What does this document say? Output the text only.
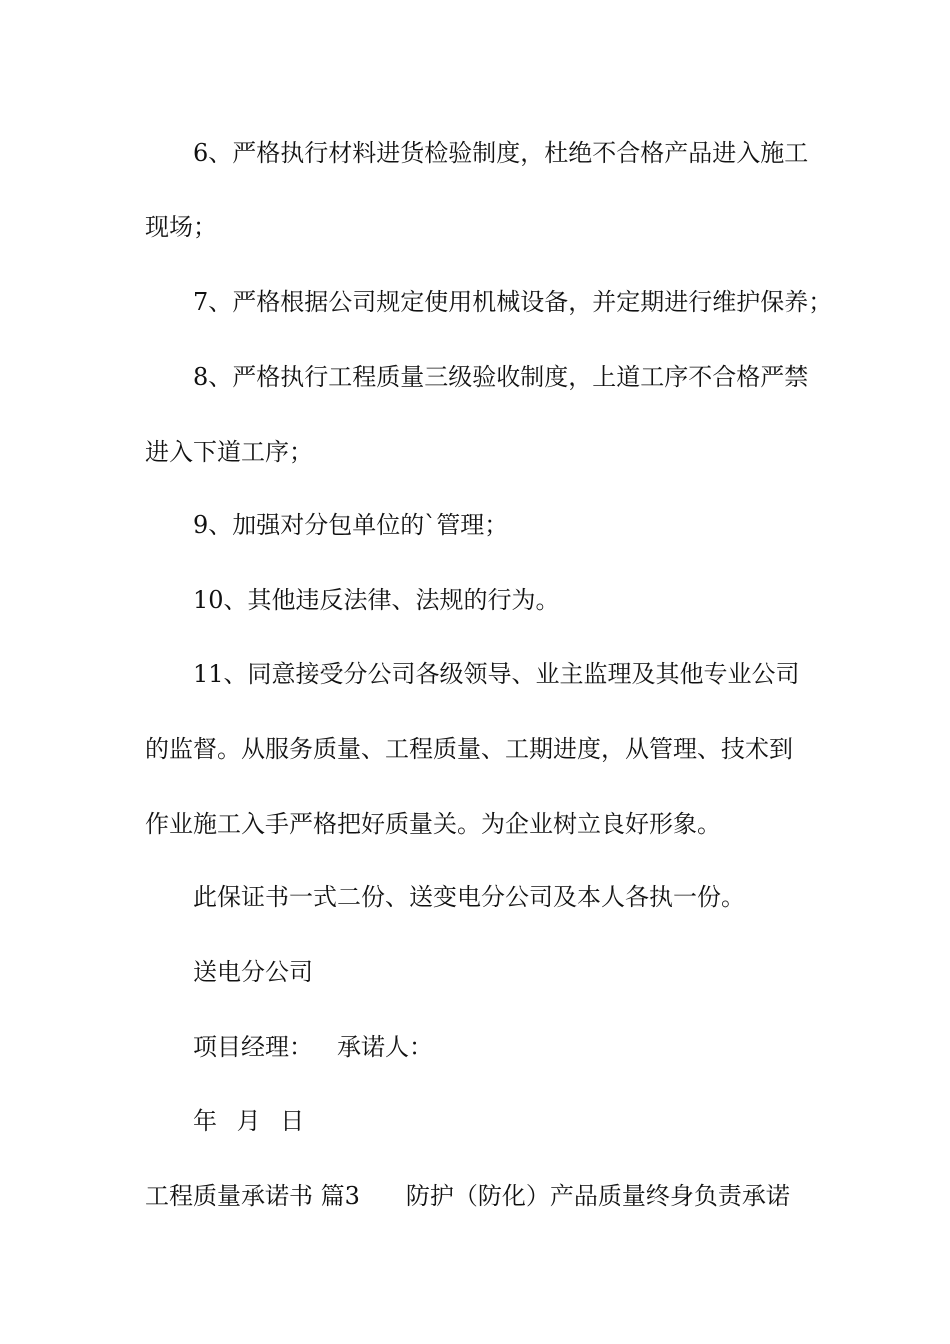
6、严格执行材料进货检验制度，杜绝不合格产品进入施工

现场；

7、严格根据公司规定使用机械设备，并定期进行维护保养；

8、严格执行工程质量三级验收制度，上道工序不合格严禁

进入下道工序；

9、加强对分包单位的`管理；

10、其他违反法律、法规的行为。

11、同意接受分公司各级领导、业主监理及其他专业公司

的监督。从服务质量、工程质量、工期进度，从管理、技术到

作业施工入手严格把好质量关。为企业树立良好形象。

此保证书一式二份、送变电分公司及本人各执一份。

送电分公司

项目经理： 承诺人：

年 月 日

工程质量承诺书 篇3 防护（防化）产品质量终身负责承诺
